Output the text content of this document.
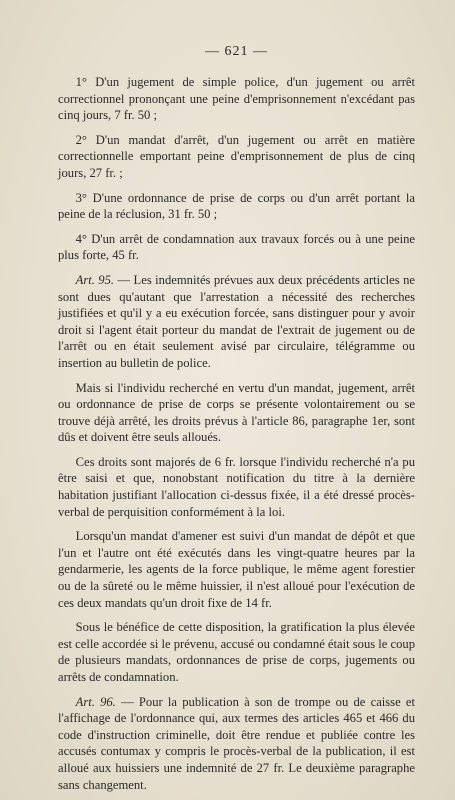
— 621 —

1° D'un jugement de simple police, d'un jugement ou arrêt correctionnel prononçant une peine d'emprisonnement n'excédant pas cinq jours, 7 fr. 50 ;

2° D'un mandat d'arrêt, d'un jugement ou arrêt en matière correctionnelle emportant peine d'emprisonnement de plus de cinq jours, 27 fr. ;

3° D'une ordonnance de prise de corps ou d'un arrêt portant la peine de la réclusion, 31 fr. 50 ;

4° D'un arrêt de condamnation aux travaux forcés ou à une peine plus forte, 45 fr.

Art. 95. — Les indemnités prévues aux deux précédents articles ne sont dues qu'autant que l'arrestation a nécessité des recherches justifiées et qu'il y a eu exécution forcée, sans distinguer pour y avoir droit si l'agent était porteur du mandat de l'extrait de jugement ou de l'arrêt ou en était seulement avisé par circulaire, télégramme ou insertion au bulletin de police.

Mais si l'individu recherché en vertu d'un mandat, jugement, arrêt ou ordonnance de prise de corps se présente volontairement ou se trouve déjà arrêté, les droits prévus à l'article 86, paragraphe 1er, sont dûs et doivent être seuls alloués.

Ces droits sont majorés de 6 fr. lorsque l'individu recherché n'a pu être saisi et que, nonobstant notification du titre à la dernière habitation justifiant l'allocation ci-dessus fixée, il a été dressé procès-verbal de perquisition conformément à la loi.

Lorsqu'un mandat d'amener est suivi d'un mandat de dépôt et que l'un et l'autre ont été exécutés dans les vingt-quatre heures par la gendarmerie, les agents de la force publique, le même agent forestier ou de la sûreté ou le même huissier, il n'est alloué pour l'exécution de ces deux mandats qu'un droit fixe de 14 fr.

Sous le bénéfice de cette disposition, la gratification la plus élevée est celle accordée si le prévenu, accusé ou condamné était sous le coup de plusieurs mandats, ordonnances de prise de corps, jugements ou arrêts de condamnation.

Art. 96. — Pour la publication à son de trompe ou de caisse et l'affichage de l'ordonnance qui, aux termes des articles 465 et 466 du code d'instruction criminelle, doit être rendue et publiée contre les accusés contumax y compris le procès-verbal de la publication, il est alloué aux huissiers une indemnité de 27 fr. Le deuxième paragraphe sans changement.
